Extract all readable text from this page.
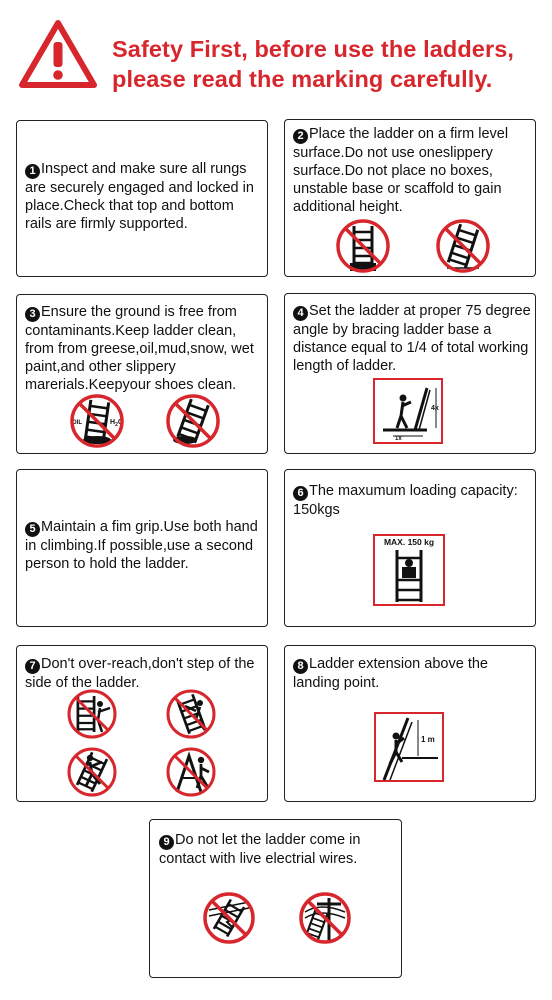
Safety First, before use the ladders,
please read the marking carefully.
1 Inspect and make sure all rungs are securely engaged and locked in place.Check that top and bottom rails are firmly supported.
2 Place the ladder on a firm level surface.Do not use oneslippery surface.Do not place no boxes, unstable base or scaffold to gain additional height.
3 Ensure the ground is free from contaminants.Keep ladder clean, from from greese,oil,mud,snow, wet paint,and other slippery marerials.Keepyour shoes clean.
OIL	$H_2O$
4 Set the ladder at proper 75 degree angle by bracing ladder base a distance equal to 1/4 of total working length of ladder.
4x
1x
5 Maintain a fim grip.Use both hand in climbing.If possible,use a second person to hold the ladder.
6 The maxumum loading capacity: 150kgs
MAX. 150 kg
7 Don't over-reach,don't step of the side of the ladder.
8 Ladder extension above the landing point.
1 m
9 Do not let the ladder come in contact with live electrial wires.
